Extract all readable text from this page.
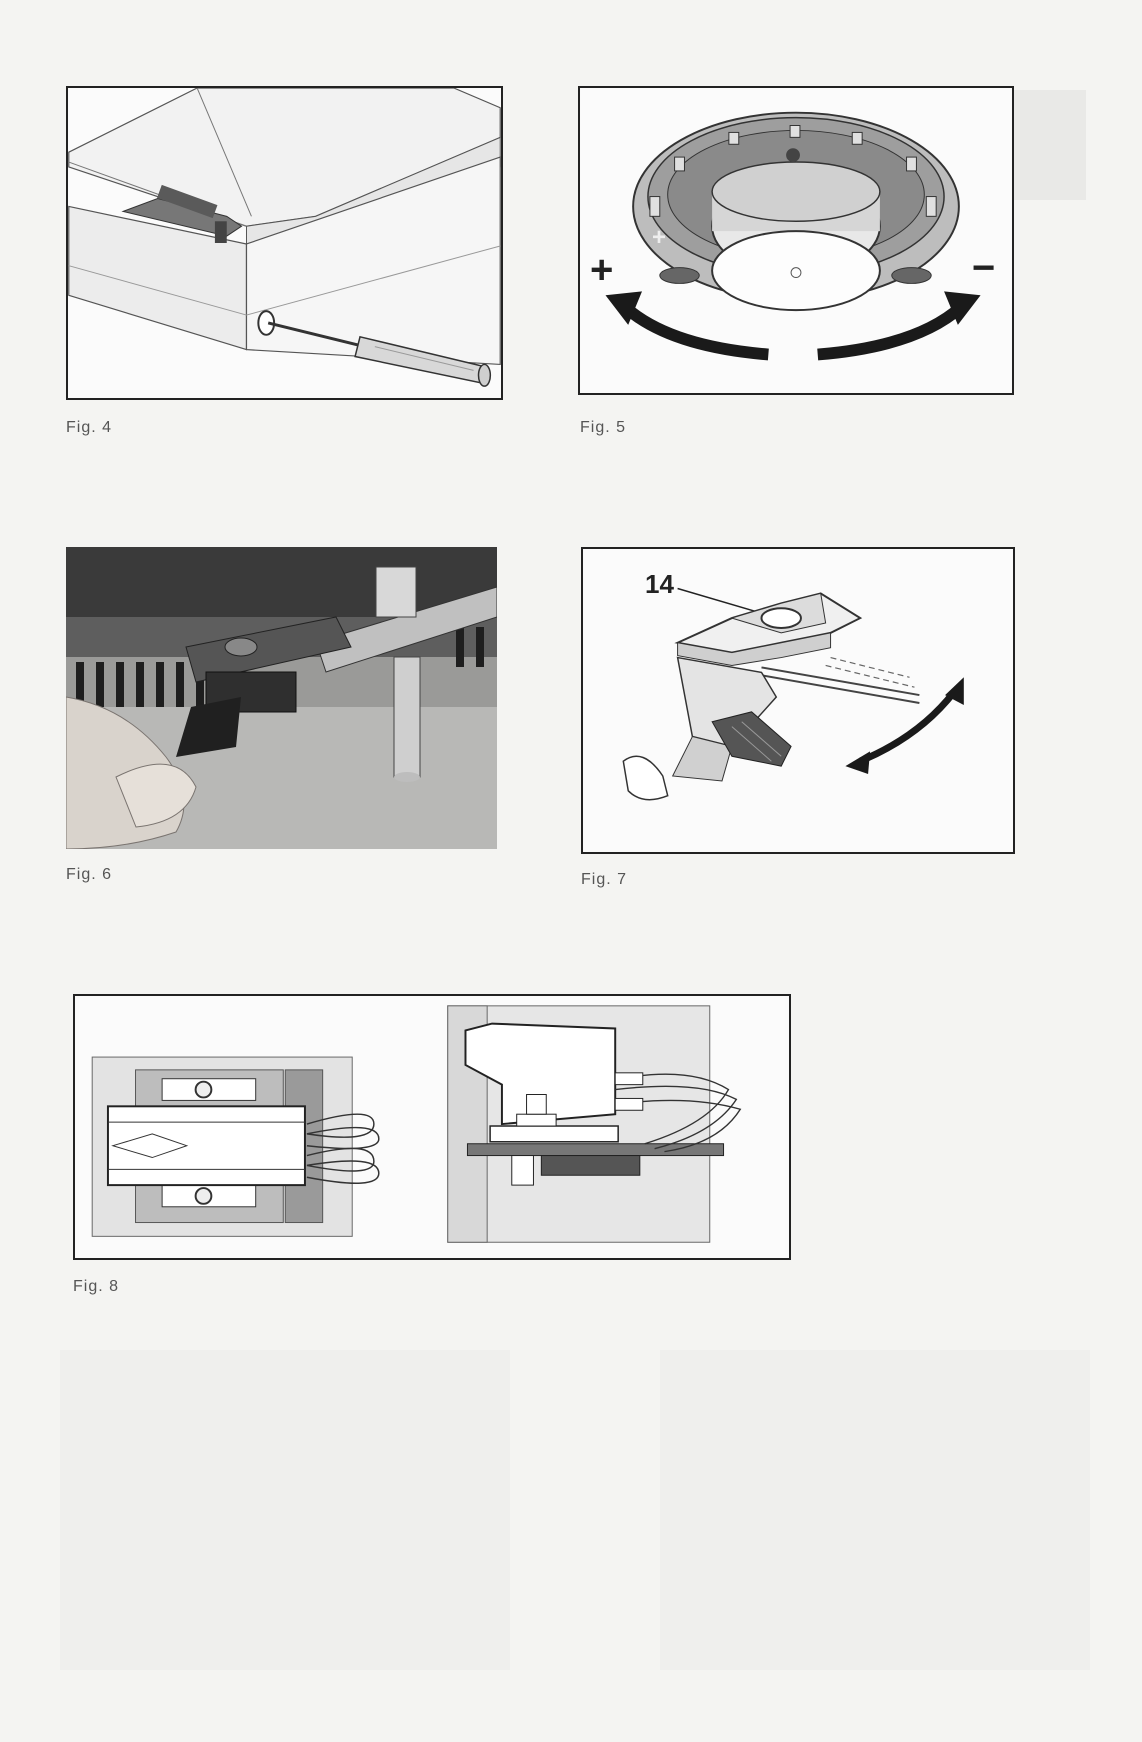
Fig. 4
+	−
+
Fig. 5
Fig. 6
14
Fig. 7
Fig. 8
